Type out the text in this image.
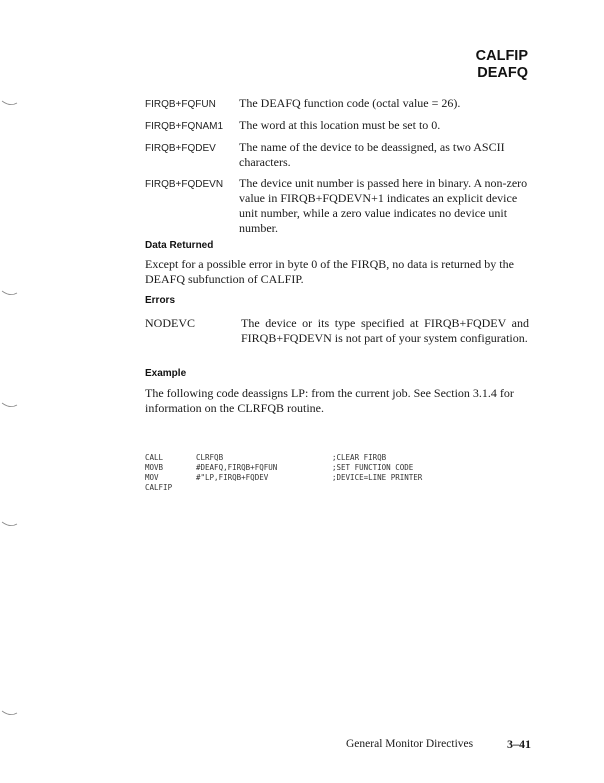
CALFIP
DEAFQ
FIRQB+FQFUN	The DEAFQ function code (octal value = 26).
FIRQB+FQNAM1	The word at this location must be set to 0.
FIRQB+FQDEV	The name of the device to be deassigned, as two ASCII characters.
FIRQB+FQDEVN	The device unit number is passed here in binary. A non-zero value in FIRQB+FQDEVN+1 indicates an explicit device unit number, while a zero value indicates no device unit number.
Data Returned
Except for a possible error in byte 0 of the FIRQB, no data is returned by the DEAFQ subfunction of CALFIP.
Errors
NODEVC	The device or its type specified at FIRQB+FQDEV and FIRQB+FQDEVN is not part of your system configuration.
Example
The following code deassigns LP: from the current job. See Section 3.1.4 for information on the CLRFQB routine.
CALL	CLRFQB	;CLEAR FIRQB
MOVB	#DEAFQ,FIRQB+FQFUN	;SET FUNCTION CODE
MOV	#"LP,FIRQB+FQDEV	;DEVICE=LINE PRINTER
CALFIP
General Monitor Directives	3–41
